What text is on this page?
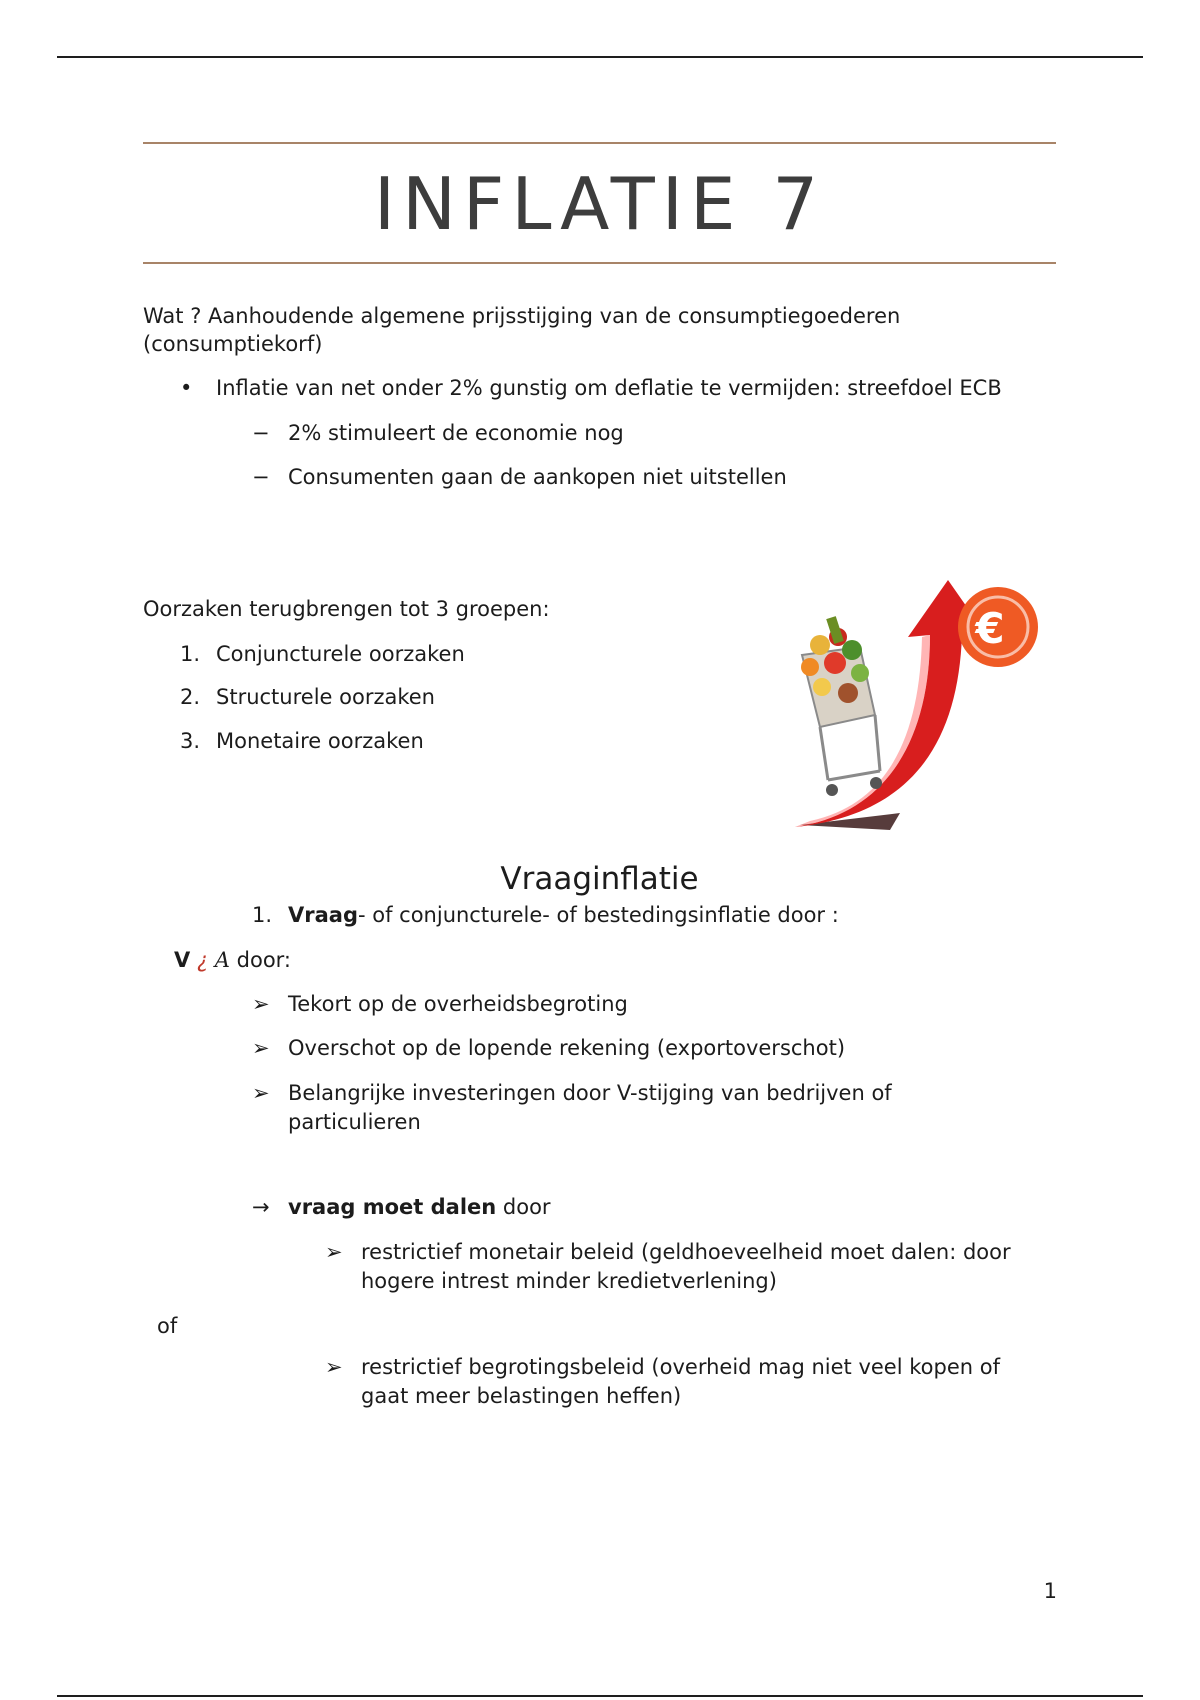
INFLATIE 7

Wat ? Aanhoudende algemene prijsstijging van de consumptiegoederen

(consumptiekorf)

• Inflatie van net onder 2% gunstig om deflatie te vermijden: streefdoel ECB

− 2% stimuleert de economie nog

− Consumenten gaan de aankopen niet uitstellen

Oorzaken terugbrengen tot 3 groepen:

1. Conjuncturele oorzaken

2. Structurele oorzaken

3. Monetaire oorzaken

€
Vraaginflatie
1. Vraag- of conjuncturele- of bestedingsinflatie door :

V ¿ A door:

➢ Tekort op de overheidsbegroting

➢ Overschot op de lopende rekening (exportoverschot)

➢ Belangrijke investeringen door V-stijging van bedrijven of

particulieren

→ vraag moet dalen door

➢ restrictief monetair beleid (geldhoeveelheid moet dalen: door

hogere intrest minder kredietverlening)

of

➢ restrictief begrotingsbeleid (overheid mag niet veel kopen of

gaat meer belastingen heffen)

1
